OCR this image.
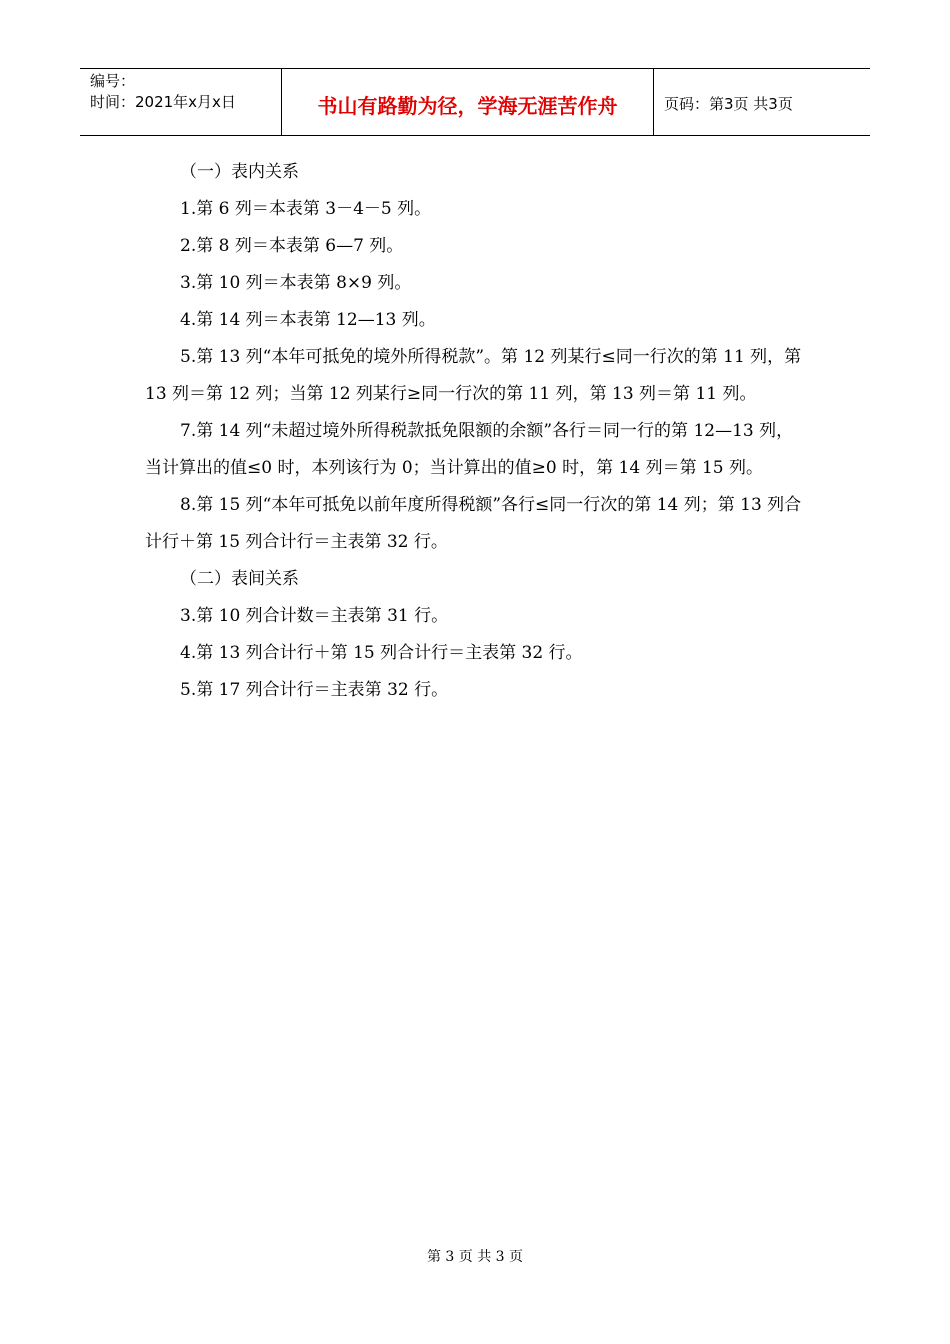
编号：
时间：2021年x月x日	书山有路勤为径，学海无涯苦作舟	页码：第3页 共3页

（一）表内关系

1.第 6 列＝本表第 3－4－5 列。

2.第 8 列＝本表第 6—7 列。

3.第 10 列＝本表第 8×9 列。

4.第 14 列＝本表第 12—13 列。

5.第 13 列“本年可抵免的境外所得税款”。第 12 列某行≤同一行次的第 11 列，第 13 列＝第 12 列；当第 12 列某行≥同一行次的第 11 列，第 13 列＝第 11 列。

7.第 14 列“未超过境外所得税款抵免限额的余额”各行＝同一行的第 12—13 列，当计算出的值≤0 时，本列该行为 0；当计算出的值≥0 时，第 14 列＝第 15 列。

8.第 15 列“本年可抵免以前年度所得税额”各行≤同一行次的第 14 列；第 13 列合计行＋第 15 列合计行＝主表第 32 行。

（二）表间关系

3.第 10 列合计数＝主表第 31 行。

4.第 13 列合计行＋第 15 列合计行＝主表第 32 行。

5.第 17 列合计行＝主表第 32 行。

第 3 页 共 3 页
